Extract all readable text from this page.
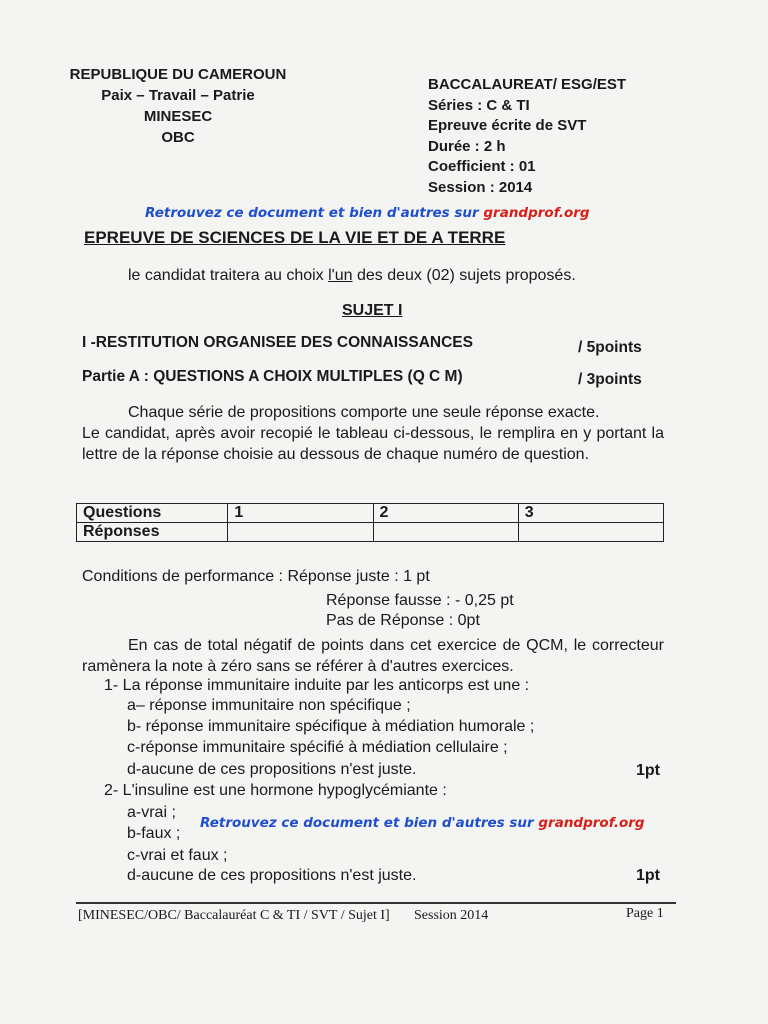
REPUBLIQUE DU CAMEROUN
Paix – Travail – Patrie
MINESEC
OBC
BACCALAUREAT/ ESG/EST
Séries : C & TI
Epreuve écrite de SVT
Durée : 2 h
Coefficient : 01
Session : 2014
Retrouvez ce document et bien d'autres sur grandprof.org
EPREUVE DE SCIENCES DE LA VIE ET DE A TERRE
le candidat traitera au choix l'un des deux (02) sujets proposés.
SUJET I
I -RESTITUTION ORGANISEE DES CONNAISSANCES	/ 5points
Partie A : QUESTIONS A CHOIX MULTIPLES (Q C M)	/ 3points
Chaque série de propositions comporte une seule réponse exacte.
Le candidat, après avoir recopié le tableau ci-dessous, le remplira en y portant la lettre de la réponse choisie au dessous de chaque numéro de question.
Questions	1	2	3
Réponses			
Conditions de performance : Réponse juste : 1 pt
Réponse fausse : - 0,25 pt
Pas de Réponse : 0pt
En cas de total négatif de points dans cet exercice de QCM, le correcteur ramènera la note à zéro sans se référer à d'autres exercices.
1- La réponse immunitaire induite par les anticorps est une :
a– réponse immunitaire non spécifique ;
b- réponse immunitaire spécifique à médiation humorale ;
c-réponse immunitaire spécifié à médiation cellulaire ;
d-aucune de ces propositions n'est juste.	1pt
2- L'insuline est une hormone hypoglycémiante :
a-vrai ;
Retrouvez ce document et bien d'autres sur grandprof.org
b-faux ;
c-vrai et faux ;
d-aucune de ces propositions n'est juste.	1pt
[MINESEC/OBC/ Baccalauréat C & TI / SVT / Sujet I] Session 2014	Page 1
